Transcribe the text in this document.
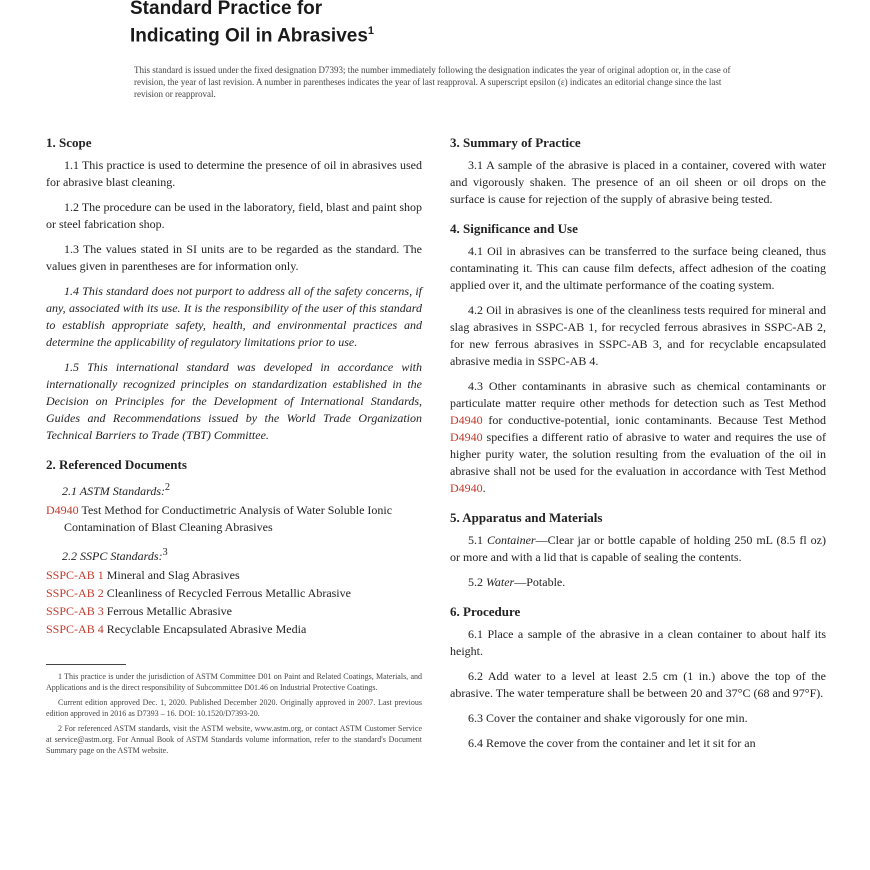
Standard Practice for
Indicating Oil in Abrasives$^1$
This standard is issued under the fixed designation D7393; the number immediately following the designation indicates the year of original adoption or, in the case of revision, the year of last revision. A number in parentheses indicates the year of last reapproval. A superscript epsilon (ε) indicates an editorial change since the last revision or reapproval.
1. Scope

1.1 This practice is used to determine the presence of oil in abrasives used for abrasive blast cleaning.

1.2 The procedure can be used in the laboratory, field, blast and paint shop or steel fabrication shop.

1.3 The values stated in SI units are to be regarded as the standard. The values given in parentheses are for information only.

1.4 This standard does not purport to address all of the safety concerns, if any, associated with its use. It is the responsibility of the user of this standard to establish appropriate safety, health, and environmental practices and determine the applicability of regulatory limitations prior to use.

1.5 This international standard was developed in accordance with internationally recognized principles on standardization established in the Decision on Principles for the Development of International Standards, Guides and Recommendations issued by the World Trade Organization Technical Barriers to Trade (TBT) Committee.

2. Referenced Documents
2.1 ASTM Standards:$^2$
D4940 Test Method for Conductimetric Analysis of Water Soluble Ionic Contamination of Blast Cleaning Abrasives
2.2 SSPC Standards:$^3$
SSPC-AB 1 Mineral and Slag Abrasives
SSPC-AB 2 Cleanliness of Recycled Ferrous Metallic Abrasive
SSPC-AB 3 Ferrous Metallic Abrasive
SSPC-AB 4 Recyclable Encapsulated Abrasive Media

1 This practice is under the jurisdiction of ASTM Committee D01 on Paint and Related Coatings, Materials, and Applications and is the direct responsibility of Subcommittee D01.46 on Industrial Protective Coatings.

Current edition approved Dec. 1, 2020. Published December 2020. Originally approved in 2007. Last previous edition approved in 2016 as D7393 – 16. DOI: 10.1520/D7393-20.

2 For referenced ASTM standards, visit the ASTM website, www.astm.org, or contact ASTM Customer Service at service@astm.org. For Annual Book of ASTM Standards volume information, refer to the standard's Document Summary page on the ASTM website.

3. Summary of Practice

3.1 A sample of the abrasive is placed in a container, covered with water and vigorously shaken. The presence of an oil sheen or oil drops on the surface is cause for rejection of the supply of abrasive being tested.

4. Significance and Use

4.1 Oil in abrasives can be transferred to the surface being cleaned, thus contaminating it. This can cause film defects, affect adhesion of the coating applied over it, and the ultimate performance of the coating system.

4.2 Oil in abrasives is one of the cleanliness tests required for mineral and slag abrasives in SSPC-AB 1, for recycled ferrous abrasives in SSPC-AB 2, for new ferrous abrasives in SSPC-AB 3, and for recyclable encapsulated abrasive media in SSPC-AB 4.

4.3 Other contaminants in abrasive such as chemical contaminants or particulate matter require other methods for detection such as Test Method D4940 for conductive-potential, ionic contaminants. Because Test Method D4940 specifies a different ratio of abrasive to water and requires the use of higher purity water, the solution resulting from the evaluation of the oil in abrasive shall not be used for the evaluation in accordance with Test Method D4940.

5. Apparatus and Materials

5.1 Container—Clear jar or bottle capable of holding 250 mL (8.5 fl oz) or more and with a lid that is capable of sealing the contents.

5.2 Water—Potable.

6. Procedure

6.1 Place a sample of the abrasive in a clean container to about half its height.

6.2 Add water to a level at least 2.5 cm (1 in.) above the top of the abrasive. The water temperature shall be between 20 and 37°C (68 and 97°F).

6.3 Cover the container and shake vigorously for one min.

6.4 Remove the cover from the container and let it sit for an
